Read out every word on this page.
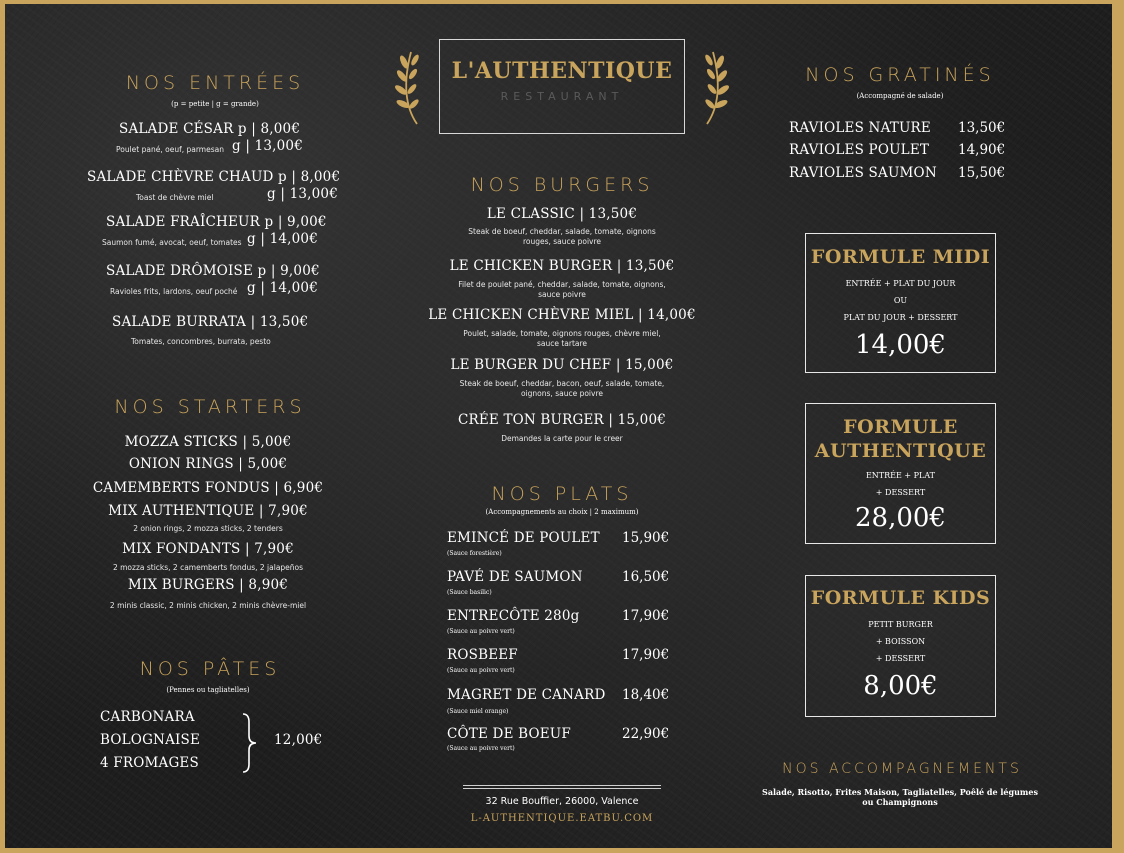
NOS ENTRÉES
(p = petite | g = grande)
SALADE CÉSAR p | 8,00€
Poulet pané, oeuf, parmesan g | 13,00€
SALADE CHÈVRE CHAUD p | 8,00€
Toast de chèvre miel	g | 13,00€
SALADE FRAÎCHEUR p | 9,00€
Saumon fumé, avocat, oeuf, tomates g | 14,00€
SALADE DRÔMOISE p | 9,00€
Ravioles frits, lardons, oeuf poché g | 14,00€
SALADE BURRATA | 13,50€
Tomates, concombres, burrata, pesto
NOS STARTERS
MOZZA STICKS | 5,00€
ONION RINGS | 5,00€
CAMEMBERTS FONDUS | 6,90€
MIX AUTHENTIQUE | 7,90€
2 onion rings, 2 mozza sticks, 2 tenders
MIX FONDANTS | 7,90€
2 mozza sticks, 2 camemberts fondus, 2 jalapeños
MIX BURGERS | 8,90€
2 minis classic, 2 minis chicken, 2 minis chèvre-miel
NOS PÂTES
(Pennes ou tagliatelles)
CARBONARA
BOLOGNAISE
4 FROMAGES
12,00€
L'AUTHENTIQUE
RESTAURANT
NOS BURGERS
LE CLASSIC | 13,50€
Steak de boeuf, cheddar, salade, tomate, oignons
rouges, sauce poivre
LE CHICKEN BURGER | 13,50€
Filet de poulet pané, cheddar, salade, tomate, oignons,
sauce poivre
LE CHICKEN CHÈVRE MIEL | 14,00€
Poulet, salade, tomate, oignons rouges, chèvre miel,
sauce tartare
LE BURGER DU CHEF | 15,00€
Steak de boeuf, cheddar, bacon, oeuf, salade, tomate,
oignons, sauce poivre
CRÉE TON BURGER | 15,00€
Demandes la carte pour le creer
NOS PLATS
(Accompagnements au choix | 2 maximum)
EMINCÉ DE POULET
(Sauce forestière)
15,90€
PAVÉ DE SAUMON
(Sauce basilic)
16,50€
ENTRECÔTE 280g
(Sauce au poivre vert)
17,90€
ROSBEEF
(Sauce au poivre vert)
17,90€
MAGRET DE CANARD
(Sauce miel orange)
18,40€
CÔTE DE BOEUF
(Sauce au poivre vert)
22,90€
32 Rue Bouffier, 26000, Valence
L-AUTHENTIQUE.EATBU.COM
NOS GRATINÉS
(Accompagné de salade)
RAVIOLES NATURE 13,50€
RAVIOLES POULET 14,90€
RAVIOLES SAUMON 15,50€
FORMULE MIDI
ENTRÉE + PLAT DU JOUR
OU
PLAT DU JOUR + DESSERT
14,00€
FORMULE
AUTHENTIQUE
ENTRÉE + PLAT
+ DESSERT
28,00€
FORMULE KIDS
PETIT BURGER
+ BOISSON
+ DESSERT
8,00€
NOS ACCOMPAGNEMENTS
Salade, Risotto, Frites Maison, Tagliatelles, Poêlé de légumes
ou Champignons
